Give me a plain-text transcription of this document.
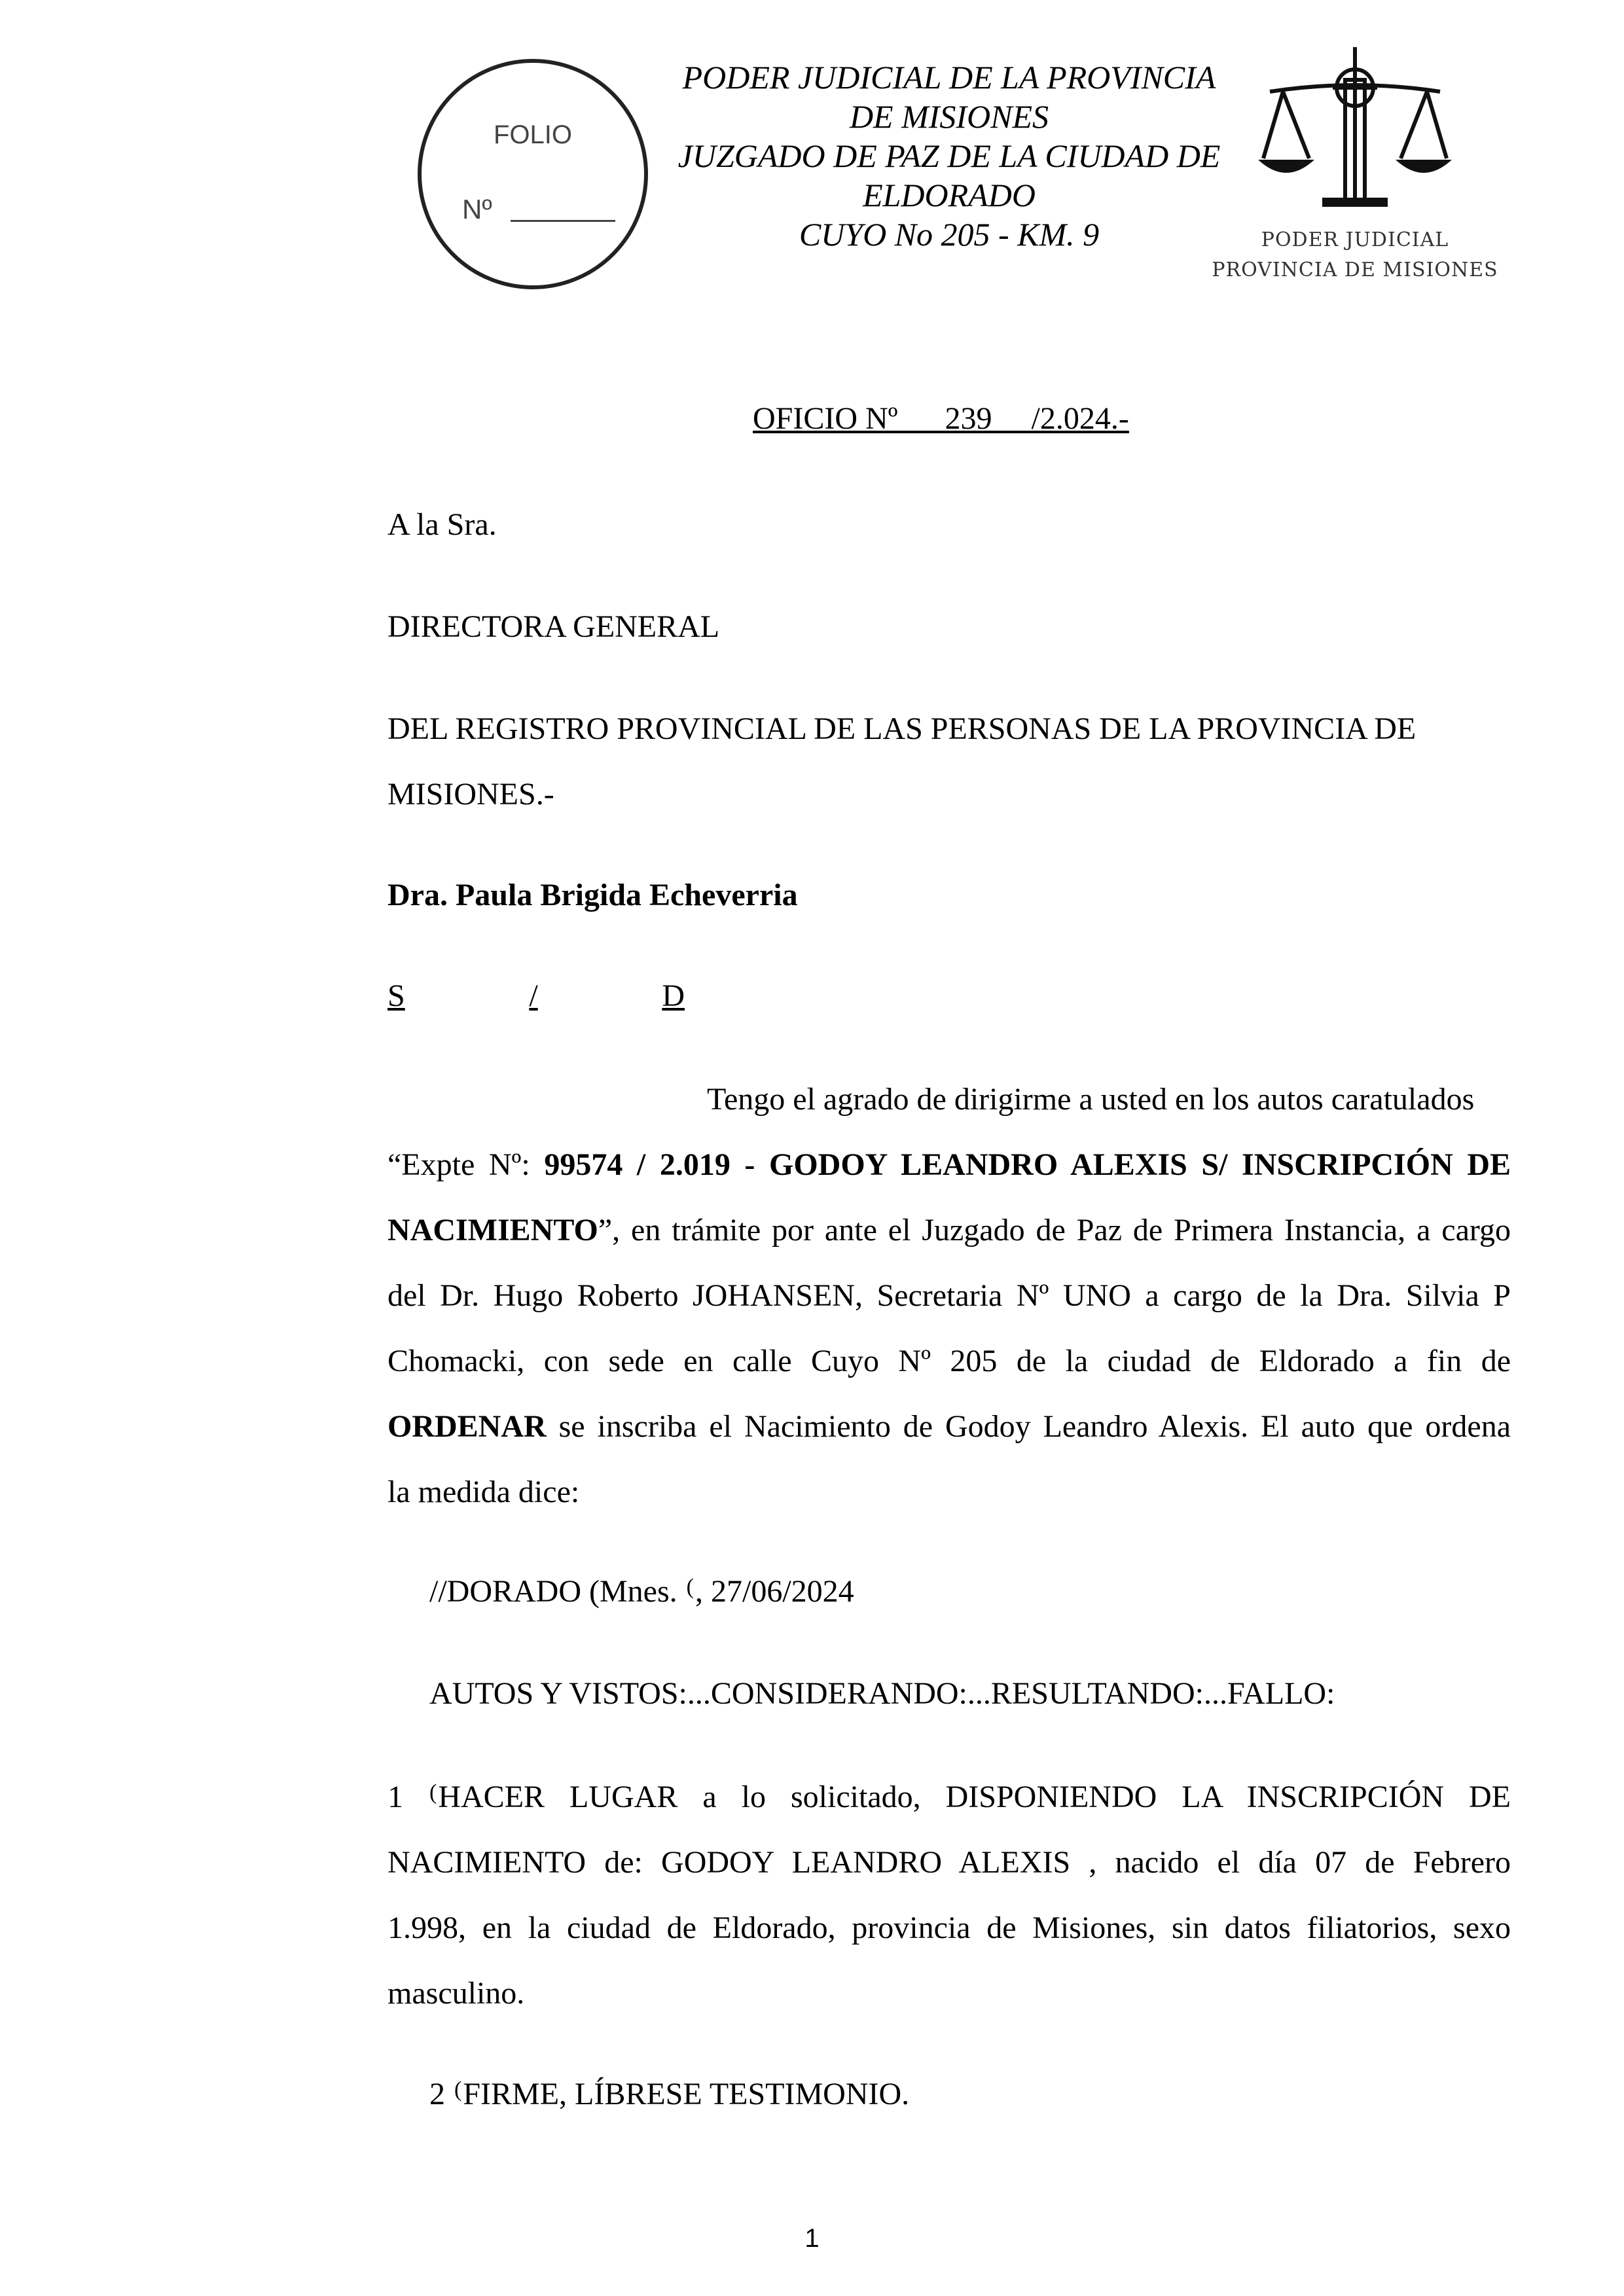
FOLIO
Nº
PODER JUDICIAL DE LA PROVINCIA
DE MISIONES
JUZGADO DE PAZ DE LA CIUDAD DE
ELDORADO
CUYO No 205 - KM. 9	PODER JUDICIAL
PROVINCIA DE MISIONES
OFICIO Nº      239     /2.024.-
A la Sra.
DIRECTORA GENERAL
DEL REGISTRO PROVINCIAL DE LAS PERSONAS DE LA PROVINCIA DE
MISIONES.-
Dra. Paula Brigida Echeverria
S	/	D
Tengo el agrado de dirigirme a usted en los autos caratulados
“Expte Nº: 99574 / 2.019 - GODOY LEANDRO ALEXIS S/ INSCRIPCIÓN DE
NACIMIENTO”, en trámite por ante el Juzgado de Paz de Primera Instancia, a cargo
del Dr. Hugo Roberto JOHANSEN, Secretaria Nº UNO a cargo de la Dra. Silvia P
Chomacki, con sede en calle Cuyo Nº 205 de la ciudad de Eldorado a fin de
ORDENAR se inscriba el Nacimiento de Godoy Leandro Alexis. El auto que ordena
la medida dice:
//DORADO (Mnes. (, 27/06/2024
AUTOS Y VISTOS:...CONSIDERANDO:...RESULTANDO:...FALLO:
1 (HACER LUGAR a lo solicitado, DISPONIENDO LA INSCRIPCIÓN DE
NACIMIENTO de: GODOY LEANDRO ALEXIS , nacido el día 07 de Febrero
1.998, en la ciudad de Eldorado, provincia de Misiones, sin datos filiatorios, sexo
masculino.
2 (FIRME, LÍBRESE TESTIMONIO.
1
